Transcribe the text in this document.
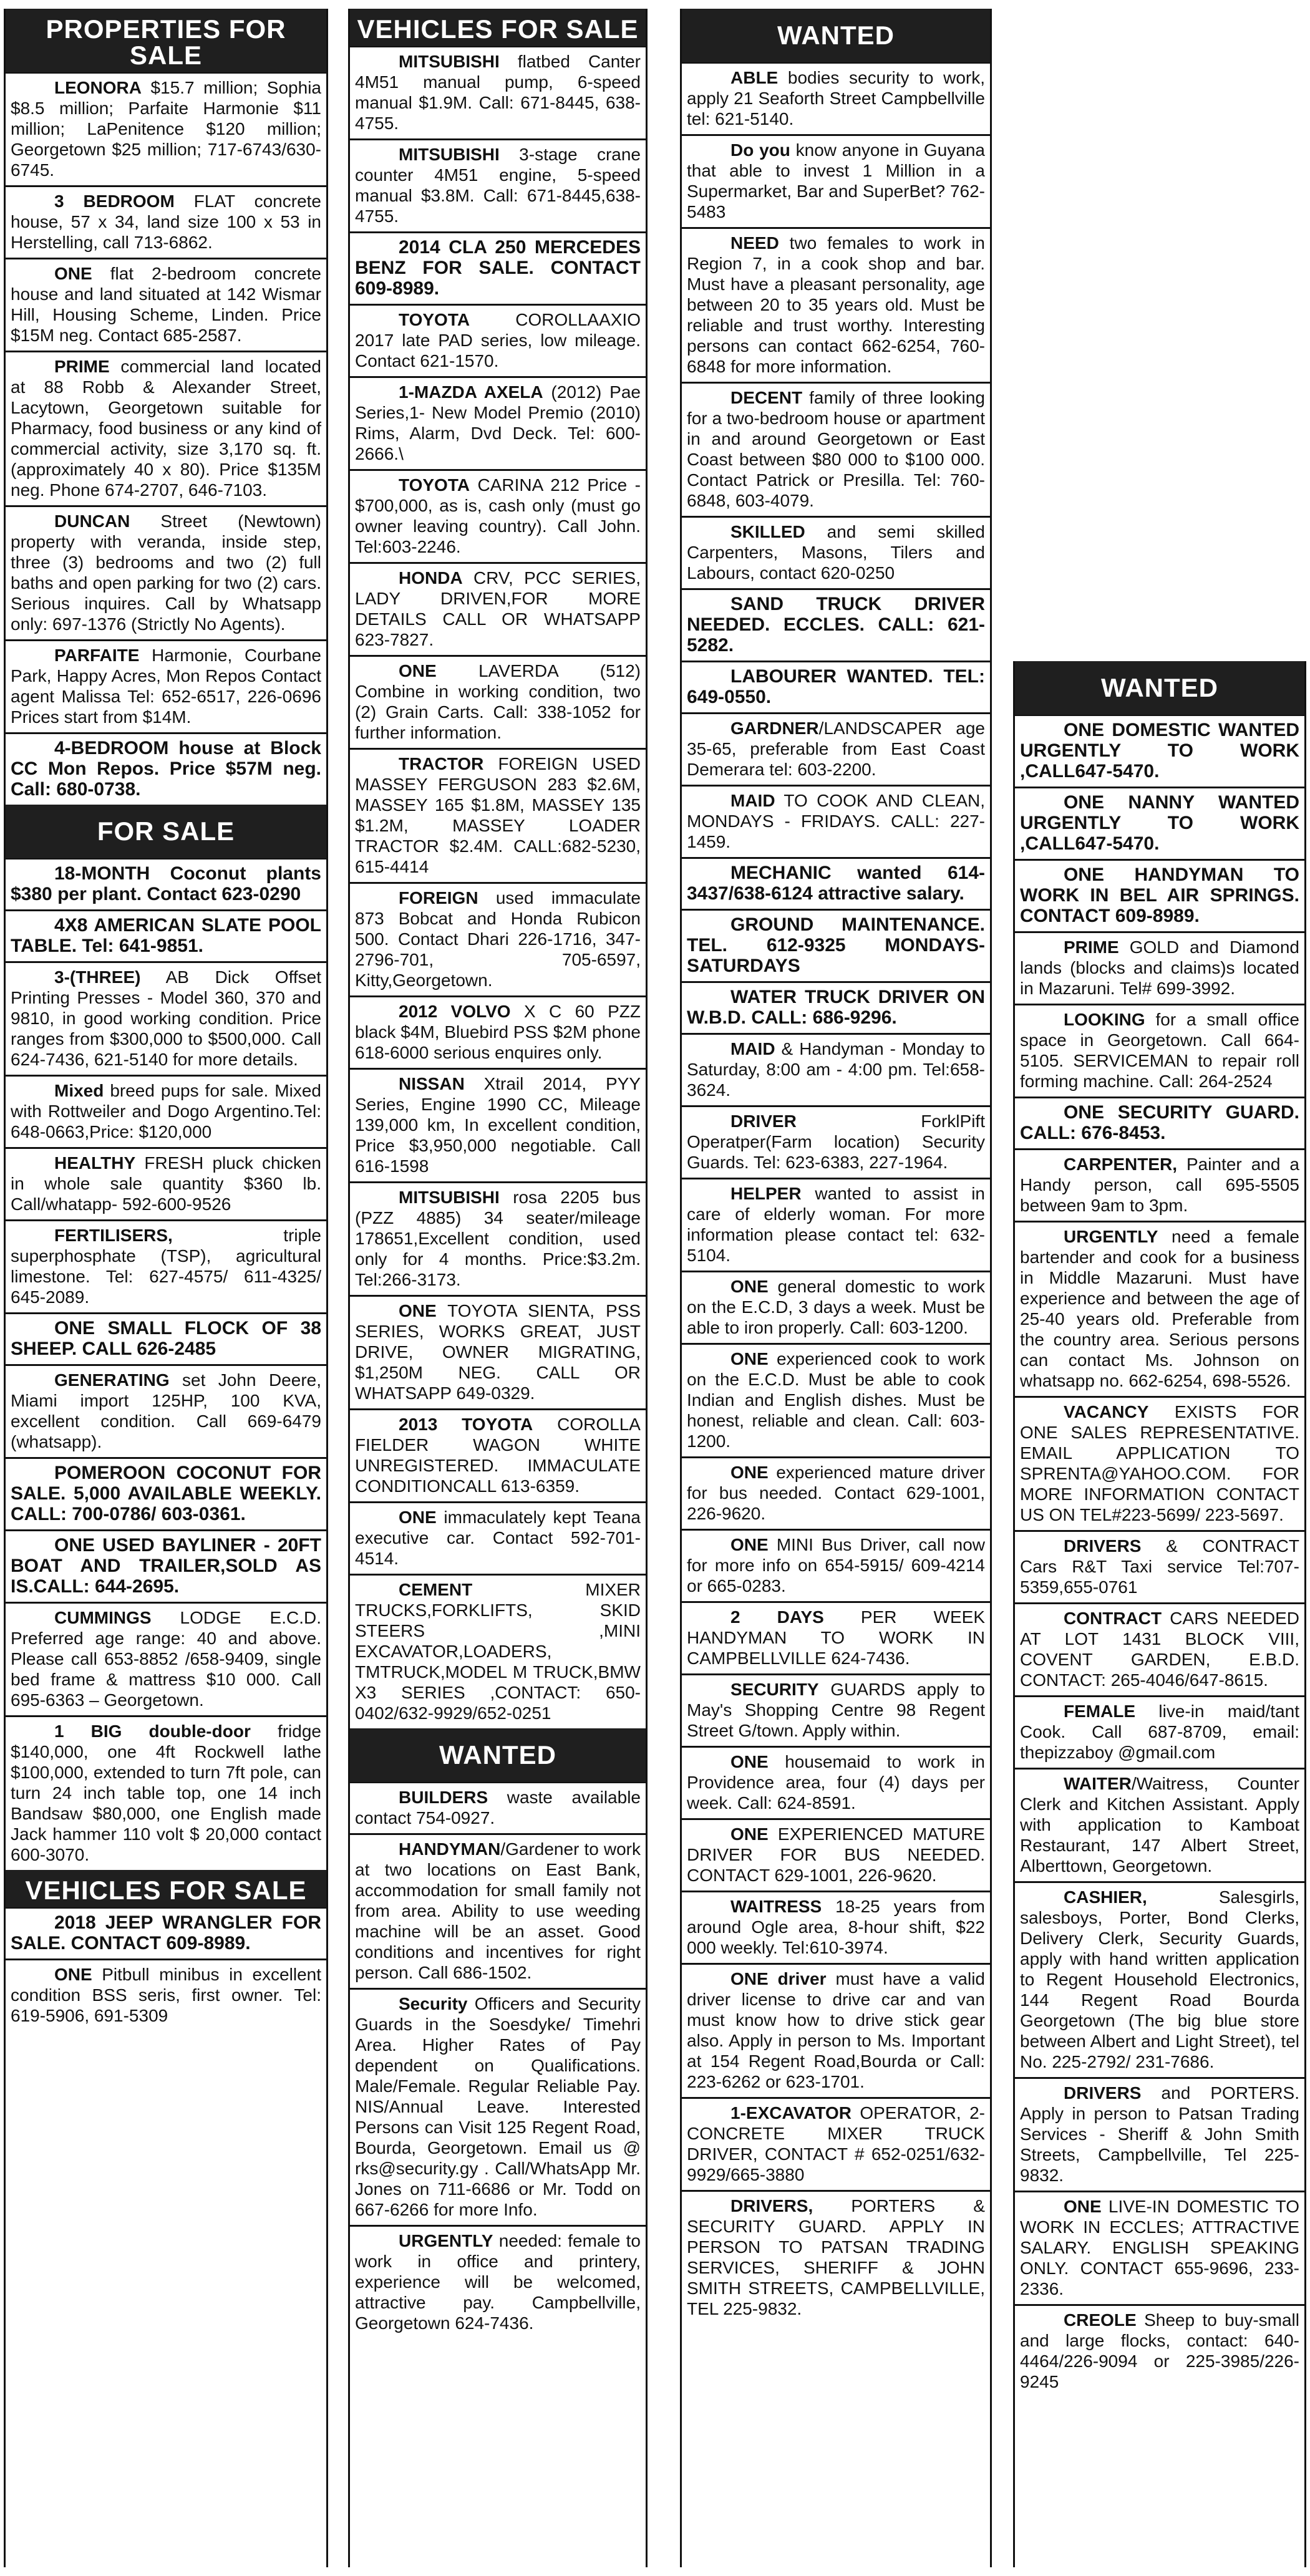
PROPERTIES FOR SALE
LEONORA $15.7 million; Sophia $8.5 million; Parfaite Harmonie $11 million; LaPenitence $120 million; Georgetown $25 million; 717-6743/630-6745.
3 BEDROOM FLAT concrete house, 57 x 34, land size 100 x 53 in Herstelling, call 713-6862.
ONE flat 2-bedroom concrete house and land situated at 142 Wismar Hill, Housing Scheme, Linden. Price $15M neg. Contact 685-2587.
PRIME commercial land located at 88 Robb & Alexander Street, Lacytown, Georgetown suitable for Pharmacy, food business or any kind of commercial activity, size 3,170 sq. ft. (approximately 40 x 80). Price $135M neg. Phone 674-2707, 646-7103.
DUNCAN Street (Newtown) property with veranda, inside step, three (3) bedrooms and two (2) full baths and open parking for two (2) cars. Serious inquires. Call by Whatsapp only: 697-1376 (Strictly No Agents).
PARFAITE Harmonie, Courbane Park, Happy Acres, Mon Repos Contact agent Malissa Tel: 652-6517, 226-0696 Prices start from $14M.
4-BEDROOM house at Block CC Mon Repos. Price $57M neg. Call: 680-0738.
FOR SALE
18-MONTH Coconut plants $380 per plant. Contact 623-0290
4X8 AMERICAN SLATE POOL TABLE. Tel: 641-9851.
3-(THREE) AB Dick Offset Printing Presses - Model 360, 370 and 9810, in good working condition. Price ranges from $300,000 to $500,000. Call 624-7436, 621-5140 for more details.
Mixed breed pups for sale. Mixed with Rottweiler and Dogo Argentino.Tel: 648-0663,Price: $120,000
HEALTHY FRESH pluck chicken in whole sale quantity $360 lb. Call/whatapp- 592-600-9526
FERTILISERS, triple superphosphate (TSP), agricultural limestone. Tel: 627-4575/ 611-4325/ 645-2089.
ONE SMALL FLOCK OF 38 SHEEP. CALL 626-2485
GENERATING set John Deere, Miami import 125HP, 100 KVA, excellent condition. Call 669-6479 (whatsapp).
POMEROON COCONUT FOR SALE. 5,000 AVAILABLE WEEKLY. CALL: 700-0786/ 603-0361.
ONE USED BAYLINER - 20FT BOAT AND TRAILER,SOLD AS IS.CALL: 644-2695.
CUMMINGS LODGE E.C.D. Preferred age range: 40 and above. Please call 653-8852 /658-9409, single bed frame & mattress $10 000. Call 695-6363 – Georgetown.
1 BIG double-door fridge $140,000, one 4ft Rockwell lathe $100,000, extended to turn 7ft pole, can turn 24 inch table top, one 14 inch Bandsaw $80,000, one English made Jack hammer 110 volt $ 20,000 contact 600-3070.
VEHICLES FOR SALE
2018 JEEP WRANGLER FOR SALE. CONTACT 609-8989.
ONE Pitbull minibus in excellent condition BSS seris, first owner. Tel: 619-5906, 691-5309
VEHICLES FOR SALE
MITSUBISHI flatbed Canter 4M51 manual pump, 6-speed manual $1.9M. Call: 671-8445, 638-4755.
MITSUBISHI 3-stage crane counter 4M51 engine, 5-speed manual $3.8M. Call: 671-8445,638-4755.
2014 CLA 250 MERCEDES BENZ FOR SALE. CONTACT 609-8989.
TOYOTA COROLLAAXIO 2017 late PAD series, low mileage. Contact 621-1570.
1-MAZDA AXELA (2012) Pae Series,1- New Model Premio (2010) Rims, Alarm, Dvd Deck. Tel: 600-2666.\
TOYOTA CARINA 212 Price - $700,000, as is, cash only (must go owner leaving country). Call John. Tel:603-2246.
HONDA CRV, PCC SERIES, LADY DRIVEN,FOR MORE DETAILS CALL OR WHATSAPP 623-7827.
ONE LAVERDA (512) Combine in working condition, two (2) Grain Carts. Call: 338-1052 for further information.
TRACTOR FOREIGN USED MASSEY FERGUSON 283 $2.6M, MASSEY 165 $1.8M, MASSEY 135 $1.2M, MASSEY LOADER TRACTOR $2.4M. CALL:682-5230, 615-4414
FOREIGN used immaculate 873 Bobcat and Honda Rubicon 500. Contact Dhari 226-1716, 347-2796-701, 705-6597, Kitty,Georgetown.
2012 VOLVO X C 60 PZZ black $4M, Bluebird PSS $2M phone 618-6000 serious enquires only.
NISSAN Xtrail 2014, PYY Series, Engine 1990 CC, Mileage 139,000 km, In excellent condition, Price $3,950,000 negotiable. Call 616-1598
MITSUBISHI rosa 2205 bus (PZZ 4885) 34 seater/mileage 178651,Excellent condition, used only for 4 months. Price:$3.2m. Tel:266-3173.
ONE TOYOTA SIENTA, PSS SERIES, WORKS GREAT, JUST DRIVE, OWNER MIGRATING, $1,250M NEG. CALL OR WHATSAPP 649-0329.
2013 TOYOTA COROLLA FIELDER WAGON WHITE UNREGISTERED. IMMACULATE CONDITIONCALL 613-6359.
ONE immaculately kept Teana executive car. Contact 592-701-4514.
CEMENT MIXER TRUCKS,FORKLIFTS, SKID STEERS ,MINI EXCAVATOR,LOADERS, TMTRUCK,MODEL M TRUCK,BMW X3 SERIES ,CONTACT: 650-0402/632-9929/652-0251
WANTED
BUILDERS waste available contact 754-0927.
HANDYMAN/Gardener to work at two locations on East Bank, accommodation for small family not from area. Ability to use weeding machine will be an asset. Good conditions and incentives for right person. Call 686-1502.
Security Officers and Security Guards in the Soesdyke/ Timehri Area. Higher Rates of Pay dependent on Qualifications. Male/Female. Regular Reliable Pay. NIS/Annual Leave. Interested Persons can Visit 125 Regent Road, Bourda, Georgetown. Email us @ rks@security.gy . Call/WhatsApp Mr. Jones on 711-6686 or Mr. Todd on 667-6266 for more Info.
URGENTLY needed: female to work in office and printery, experience will be welcomed, attractive pay. Campbellville, Georgetown 624-7436.
WANTED
ABLE bodies security to work, apply 21 Seaforth Street Campbellville tel: 621-5140.
Do you know anyone in Guyana that able to invest 1 Million in a Supermarket, Bar and SuperBet? 762-5483
NEED two females to work in Region 7, in a cook shop and bar. Must have a pleasant personality, age between 20 to 35 years old. Must be reliable and trust worthy. Interesting persons can contact 662-6254, 760-6848 for more information.
DECENT family of three looking for a two-bedroom house or apartment in and around Georgetown or East Coast between $80 000 to $100 000. Contact Patrick or Presilla. Tel: 760-6848, 603-4079.
SKILLED and semi skilled Carpenters, Masons, Tilers and Labours, contact 620-0250
SAND TRUCK DRIVER NEEDED. ECCLES. CALL: 621-5282.
LABOURER WANTED. TEL: 649-0550.
GARDNER/LANDSCAPER age 35-65, preferable from East Coast Demerara tel: 603-2200.
MAID TO COOK AND CLEAN, MONDAYS - FRIDAYS. CALL: 227-1459.
MECHANIC wanted 614-3437/638-6124 attractive salary.
GROUND MAINTENANCE. TEL. 612-9325 MONDAYS-SATURDAYS
WATER TRUCK DRIVER ON W.B.D. CALL: 686-9296.
MAID & Handyman - Monday to Saturday, 8:00 am - 4:00 pm. Tel:658-3624.
DRIVER ForklPift Operatper(Farm location) Security Guards. Tel: 623-6383, 227-1964.
HELPER wanted to assist in care of elderly woman. For more information please contact tel: 632-5104.
ONE general domestic to work on the E.C.D, 3 days a week. Must be able to iron properly. Call: 603-1200.
ONE experienced cook to work on the E.C.D. Must be able to cook Indian and English dishes. Must be honest, reliable and clean. Call: 603-1200.
ONE experienced mature driver for bus needed. Contact 629-1001, 226-9620.
ONE MINI Bus Driver, call now for more info on 654-5915/ 609-4214 or 665-0283.
2 DAYS PER WEEK HANDYMAN TO WORK IN CAMPBELLVILLE 624-7436.
SECURITY GUARDS apply to May's Shopping Centre 98 Regent Street G/town. Apply within.
ONE housemaid to work in Providence area, four (4) days per week. Call: 624-8591.
ONE EXPERIENCED MATURE DRIVER FOR BUS NEEDED. CONTACT 629-1001, 226-9620.
WAITRESS 18-25 years from around Ogle area, 8-hour shift, $22 000 weekly. Tel:610-3974.
ONE driver must have a valid driver license to drive car and van must know how to drive stick gear also. Apply in person to Ms. Important at 154 Regent Road,Bourda or Call: 223-6262 or 623-1701.
1-EXCAVATOR OPERATOR, 2- CONCRETE MIXER TRUCK DRIVER, CONTACT # 652-0251/632-9929/665-3880
DRIVERS, PORTERS & SECURITY GUARD. APPLY IN PERSON TO PATSAN TRADING SERVICES, SHERIFF & JOHN SMITH STREETS, CAMPBELLVILLE, TEL 225-9832.
WANTED
ONE DOMESTIC WANTED URGENTLY TO WORK ,CALL647-5470.
ONE NANNY WANTED URGENTLY TO WORK ,CALL647-5470.
ONE HANDYMAN TO WORK IN BEL AIR SPRINGS. CONTACT 609-8989.
PRIME GOLD and Diamond lands (blocks and claims)s located in Mazaruni. Tel# 699-3992.
LOOKING for a small office space in Georgetown. Call 664-5105. SERVICEMAN to repair roll forming machine. Call: 264-2524
ONE SECURITY GUARD. CALL: 676-8453.
CARPENTER, Painter and a Handy person, call 695-5505 between 9am to 3pm.
URGENTLY need a female bartender and cook for a business in Middle Mazaruni. Must have experience and between the age of 25-40 years old. Preferable from the country area. Serious persons can contact Ms. Johnson on whatsapp no. 662-6254, 698-5526.
VACANCY EXISTS FOR ONE SALES REPRESENTATIVE. EMAIL APPLICATION TO SPRENTA@YAHOO.COM. FOR MORE INFORMATION CONTACT US ON TEL#223-5699/ 223-5697.
DRIVERS & CONTRACT Cars R&T Taxi service Tel:707-5359,655-0761
CONTRACT CARS NEEDED AT LOT 1431 BLOCK VIII, COVENT GARDEN, E.B.D. CONTACT: 265-4046/647-8615.
FEMALE live-in maid/tant Cook. Call 687-8709, email: thepizzaboy @gmail.com
WAITER/Waitress, Counter Clerk and Kitchen Assistant. Apply with application to Kamboat Restaurant, 147 Albert Street, Alberttown, Georgetown.
CASHIER, Salesgirls, salesboys, Porter, Bond Clerks, Delivery Clerk, Security Guards, apply with hand written application to Regent Household Electronics, 144 Regent Road Bourda Georgetown (The big blue store between Albert and Light Street), tel No. 225-2792/ 231-7686.
DRIVERS and PORTERS. Apply in person to Patsan Trading Services - Sheriff & John Smith Streets, Campbellville, Tel 225-9832.
ONE LIVE-IN DOMESTIC TO WORK IN ECCLES; ATTRACTIVE SALARY. ENGLISH SPEAKING ONLY. CONTACT 655-9696, 233-2336.
CREOLE Sheep to buy-small and large flocks, contact: 640-4464/226-9094 or 225-3985/226-9245
